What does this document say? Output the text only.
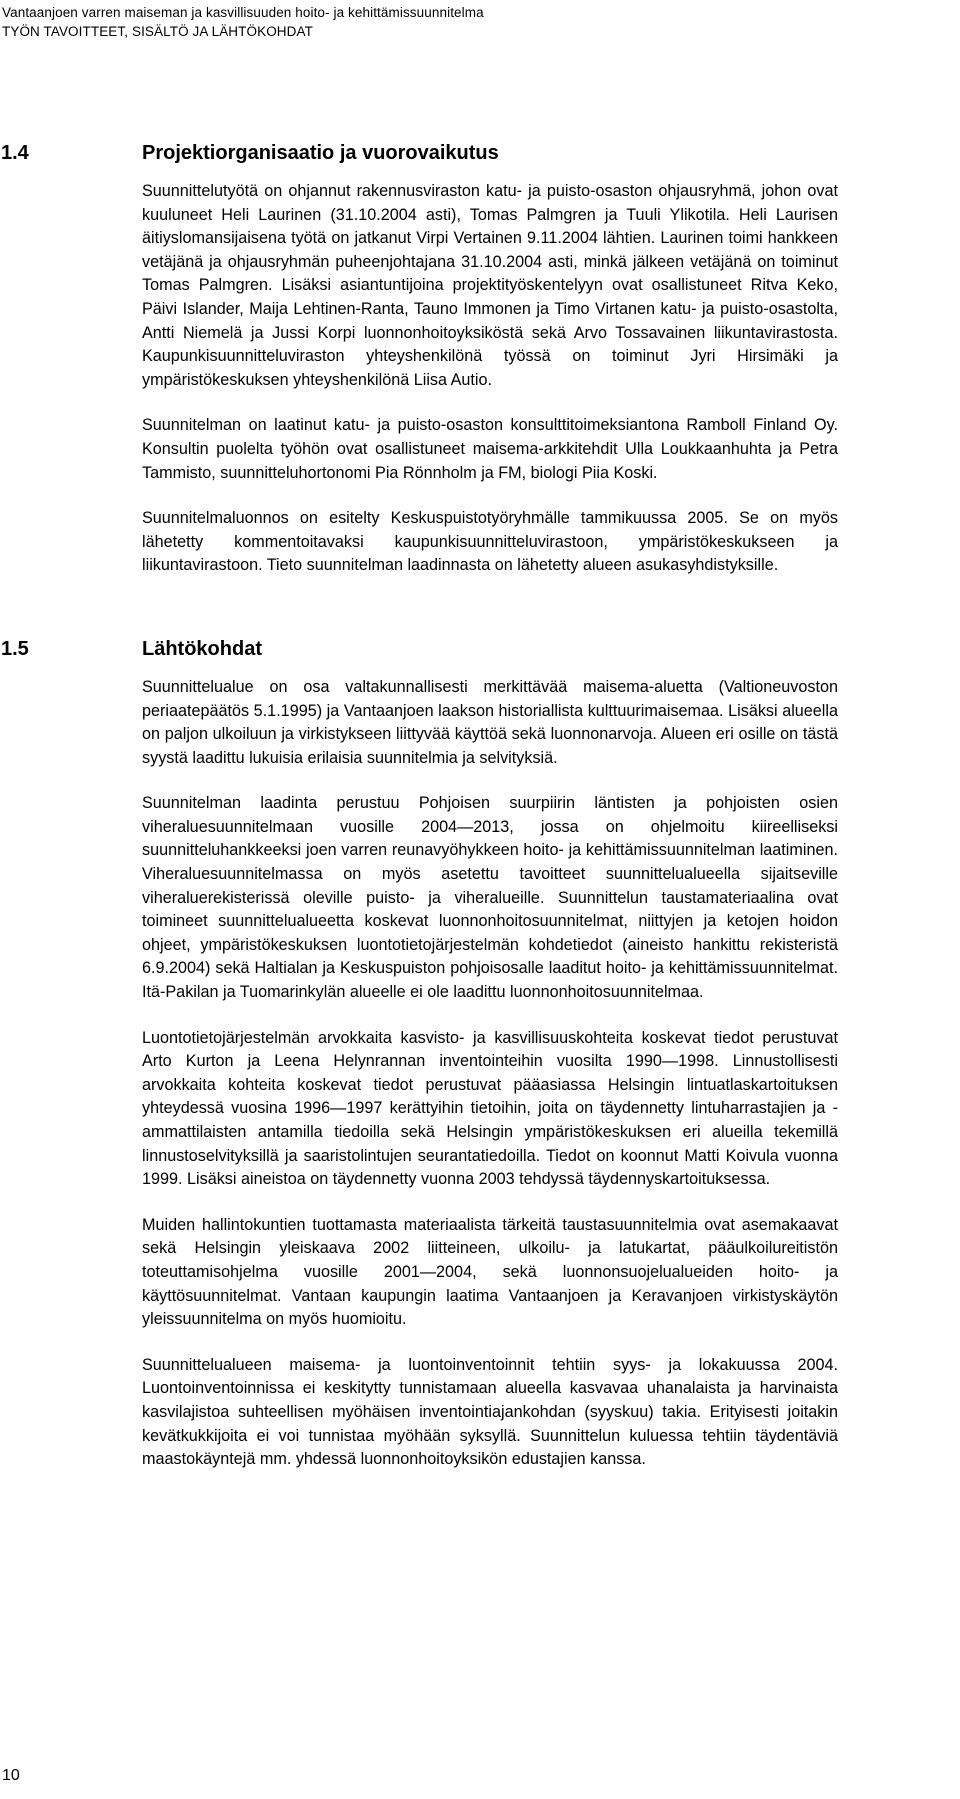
Vantaanjoen varren maiseman ja kasvillisuuden hoito- ja kehittämissuunnitelma
TYÖN TAVOITTEET, SISÄLTÖ JA LÄHTÖKOHDAT
1.4	Projektiorganisaatio ja vuorovaikutus

Suunnittelutyötä on ohjannut rakennusviraston katu- ja puisto-osaston ohjausryhmä, johon ovat kuuluneet Heli Laurinen (31.10.2004 asti), Tomas Palmgren ja Tuuli Ylikotila. Heli Laurisen äitiyslomansijaisena työtä on jatkanut Virpi Vertainen 9.11.2004 lähtien. Laurinen toimi hankkeen vetäjänä ja ohjausryhmän puheenjohtajana 31.10.2004 asti, minkä jälkeen vetäjänä on toiminut Tomas Palmgren. Lisäksi asiantuntijoina projektityöskentelyyn ovat osallistuneet Ritva Keko, Päivi Islander, Maija Lehtinen-Ranta, Tauno Immonen ja Timo Virtanen katu- ja puisto-osastolta, Antti Niemelä ja Jussi Korpi luonnonhoitoyksiköstä sekä Arvo Tossavainen liikuntavirastosta. Kaupunkisuunnitteluviraston yhteyshenkilönä työssä on toiminut Jyri Hirsimäki ja ympäristökeskuksen yhteyshenkilönä Liisa Autio.

Suunnitelman on laatinut katu- ja puisto-osaston konsulttitoimeksiantona Ramboll Finland Oy. Konsultin puolelta työhön ovat osallistuneet maisema-arkkitehdit Ulla Loukkaanhuhta ja Petra Tammisto, suunnitteluhortonomi Pia Rönnholm ja FM, biologi Piia Koski.

Suunnitelmaluonnos on esitelty Keskuspuistotyöryhmälle tammikuussa 2005. Se on myös lähetetty kommentoitavaksi kaupunkisuunnitteluvirastoon, ympäristökeskukseen ja liikuntavirastoon. Tieto suunnitelman laadinnasta on lähetetty alueen asukasyhdistyksille.

1.5	Lähtökohdat

Suunnittelualue on osa valtakunnallisesti merkittävää maisema-aluetta (Valtioneuvoston periaatepäätös 5.1.1995) ja Vantaanjoen laakson historiallista kulttuurimaisemaa. Lisäksi alueella on paljon ulkoiluun ja virkistykseen liittyvää käyttöä sekä luonnonarvoja. Alueen eri osille on tästä syystä laadittu lukuisia erilaisia suunnitelmia ja selvityksiä.

Suunnitelman laadinta perustuu Pohjoisen suurpiirin läntisten ja pohjoisten osien viheraluesuunnitelmaan vuosille 2004—2013, jossa on ohjelmoitu kiireelliseksi suunnitteluhankkeeksi joen varren reunavyöhykkeen hoito- ja kehittämissuunnitelman laatiminen. Viheraluesuunnitelmassa on myös asetettu tavoitteet suunnittelualueella sijaitseville viheraluerekisterissä oleville puisto- ja viheralueille. Suunnittelun taustamateriaalina ovat toimineet suunnittelualueetta koskevat luonnonhoitosuunnitelmat, niittyjen ja ketojen hoidon ohjeet, ympäristökeskuksen luontotietojärjestelmän kohdetiedot (aineisto hankittu rekisteristä 6.9.2004) sekä Haltialan ja Keskuspuiston pohjoisosalle laaditut hoito- ja kehittämissuunnitelmat. Itä-Pakilan ja Tuomarinkylän alueelle ei ole laadittu luonnonhoitosuunnitelmaa.

Luontotietojärjestelmän arvokkaita kasvisto- ja kasvillisuuskohteita koskevat tiedot perustuvat Arto Kurton ja Leena Helynrannan inventointeihin vuosilta 1990—1998. Linnustollisesti arvokkaita kohteita koskevat tiedot perustuvat pääasiassa Helsingin lintuatlaskartoituksen yhteydessä vuosina 1996—1997 kerättyihin tietoihin, joita on täydennetty lintuharrastajien ja -ammattilaisten antamilla tiedoilla sekä Helsingin ympäristökeskuksen eri alueilla tekemillä linnustoselvityksillä ja saaristolintujen seurantatiedoilla. Tiedot on koonnut Matti Koivula vuonna 1999. Lisäksi aineistoa on täydennetty vuonna 2003 tehdyssä täydennyskartoituksessa.

Muiden hallintokuntien tuottamasta materiaalista tärkeitä taustasuunnitelmia ovat asemakaavat sekä Helsingin yleiskaava 2002 liitteineen, ulkoilu- ja latukartat, pääulkoilureitistön toteuttamisohjelma vuosille 2001—2004, sekä luonnonsuojelualueiden hoito- ja käyttösuunnitelmat. Vantaan kaupungin laatima Vantaanjoen ja Keravanjoen virkistyskäytön yleissuunnitelma on myös huomioitu.

Suunnittelualueen maisema- ja luontoinventoinnit tehtiin syys- ja lokakuussa 2004. Luontoinventoinnissa ei keskitytty tunnistamaan alueella kasvavaa uhanalaista ja harvinaista kasvilajistoa suhteellisen myöhäisen inventointiajankohdan (syyskuu) takia. Erityisesti joitakin kevätkukkijoita ei voi tunnistaa myöhään syksyllä. Suunnittelun kuluessa tehtiin täydentäviä maastokäyntejä mm. yhdessä luonnonhoitoyksikön edustajien kanssa.

10
